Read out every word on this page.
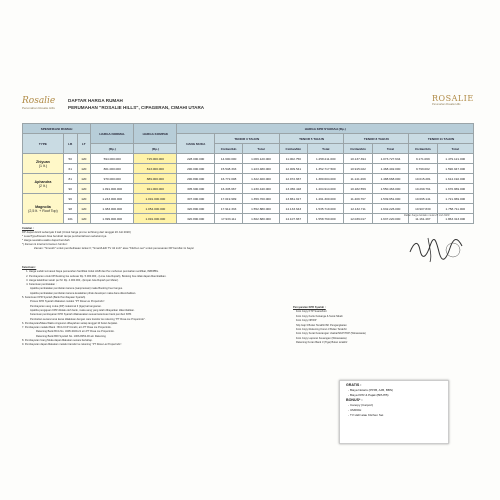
Rosalie
Perumahan Rosalie Hills
DAFTAR HARGA RUMAH
PERUMAHAN "ROSALIE HILLS", CIPAGERAN, CIMAHI UTARA
ROSALIE
Perumahan Rosalie Hills
SPESIFIKASI RUMAH			HARGA NORMAL	HARGA KOMPAK	HARGA KPR SYARIAH (Rp.)								
TYPE	LB	LT			UANG MUKA	TENOR 3 TAHUN		TENOR 5 TAHUN		TENOR 8 TAHUN		TENOR 11 TAHUN	
			(Rp.)	(Rp.)		Cicilan/bln	Total	Cicilan/bln	Total	Cicilan/bln	Total	Cicilan/bln	Total

Zhiyuan
(1 lt.)	50	120	594.000.000	715.000.000	228.000.000	14.600.000	1.069.120.000	11.002.750	1.258.211.000	10.137.394	1.073.727.634	9.171.069	1.479.121.000
	61	120	801.000.000	813.000.000	290.000.000	15.548.333	1.223.480.000	12.009.541	1.352.717.500	10.915.022	1.468.402.000	9.799.002	1.590.947.000

Aphandra
(2 lt.)	81	120	970.000.000	889.000.000	290.800.000	16.772.008	1.322.400.000	12.972.667	1.380.604.000	11.141.269	1.488.668.000	10.015.281	1.614.192.000
	90	120	1.091.000.000	921.000.000	305.900.000	16.345.667	1.230.440.000	13.456.418	1.404.914.000	10.182.559	1.550.463.000	10.299.761	1.676.969.000

Magnolia
(2,5 lt. + Roof Top)	96	120	1.243.000.000	1.091.000.000	307.000.000	17.019.999	1.359.700.000	13.861.917	1.491.300.000	11.409.767	1.539.951.000	10.695.141	1.721.969.000
	98	120	1.383.000.000	1.054.000.000	320.800.000	17.912.333	1.552.880.000	14.133.643	1.535.719.000	12.132.711	1.632.226.000	10.907.830	1.758.711.000
	101	120	1.399.000.000	1.091.000.000	320.800.000	17.933.111	1.662.680.000	14.107.667	1.558.760.000	12.039.017	1.637.220.000	11.161.497	1.863.313.000
Daftar harga berlaku mulai 25 Juli 2020
Catatan :
DP dapat dicicil sebanyak 3 kali (Untuk harga promo terhitung dari tanggal 20 Juli 2020)
* Luas/Type/Desain bisa berubah tanpa pemberitahuan sebelumnya
* Harga sewaktu-waktu dapat berubah
*) Zaman & interior/ornamen furnitur:
Zaman: "Smooth" untuk pembeli/asan lantai 3; "Smart/LED TV 42 inch" atau "Kitchen set" untuk pemesanan DP bersifat 1x bayar
Ketentuan :
1. Harga sudah termasuk biaya pemecahan Sertifikat Induk HGB dan Per-mohonan pemisahan sertifikat, IMB/PBG.
2. Pembayaran untuk DP/booking fee sebesar Rp. 5.000.000,- (Lima Juta Rupiah), Booking Fee tidak dapat dikembalikan.
3. Harga kelebihan tanah per M: Rp. 4.000.000,- (Empat Juta Rupiah per Meter).
4. Ketentuan pembatalan :
Apabila pembatalan pembelian karena (wanprestasi) maka Booking Fee hangus.
Apabila pembatalan pembelian karena kesalahan pihak developer maka dana dikembalikan.
5. Ketentuan KPR Syariah (Bank Pembiayaan Syariah)
Proses KPR Syariah dilakukan melalui "PT Rosa Lie Properindo".
Pembayaran uang muka (DP) maksimal 3 (tiga) kali angsuran.
Apabila pengajuan KPR ditolak oleh bank, maka uang yang telah dibayarkan dikembalikan.
Ketentuan pembayaran KPR Syariah dilaksanakan sesuai ketentuan bank pemberi KPR.
Pembelian secara tunai keras dilakukan dengan cara transfer ke rekening "PT Rosa Lie Properindo".
6. Pembayaran/Masa Waktu Angsuran dibayarkan setiap tanggal 10 bulan berjalan.
7. Pembayaran melalui Bank : BCA KCP Cimahi, a/n PT Rosa Lie Properindo.
Rekening Bank BCA No. 3405-3029-21 a/n PT Rosa Lie Properindo.
Rekening Bank BRI Syariah No. 1006-8053-00 a/n Rekening
8. Pembayaran Uang Muka dapat dilakukan secara bertahap.
9. Pembayaran dapat dilakukan melalui transfer ke rekening "PT Rosa Lie Properindo".
Persyaratan KPR Syariah :
Foto Copy KTP Suami/Istri
Foto Copy Kartu Keluarga & Surat Nikah
Foto Copy NPWP
Slip Gaji 3 Bulan Terakhir/SK Pengangkatan
Foto Copy Rekening Koran 3 Bulan Terakhir
Foto Copy Surat Keterangan Usaha/SIUP/TDP (Wiraswasta)
Foto Copy Laporan Keuangan (Wiraswasta)
Rekening Koran Bank 3 (Tiga) Bulan terakhir
GRATIS :
- Biaya Notaris (PPJB, AJB, BBN)
- Biaya KPR & Pajak (BPHTB)
BONUS* :
- Canopy (Carport)
- UMROH
- TV LED atau Kitchen Set
